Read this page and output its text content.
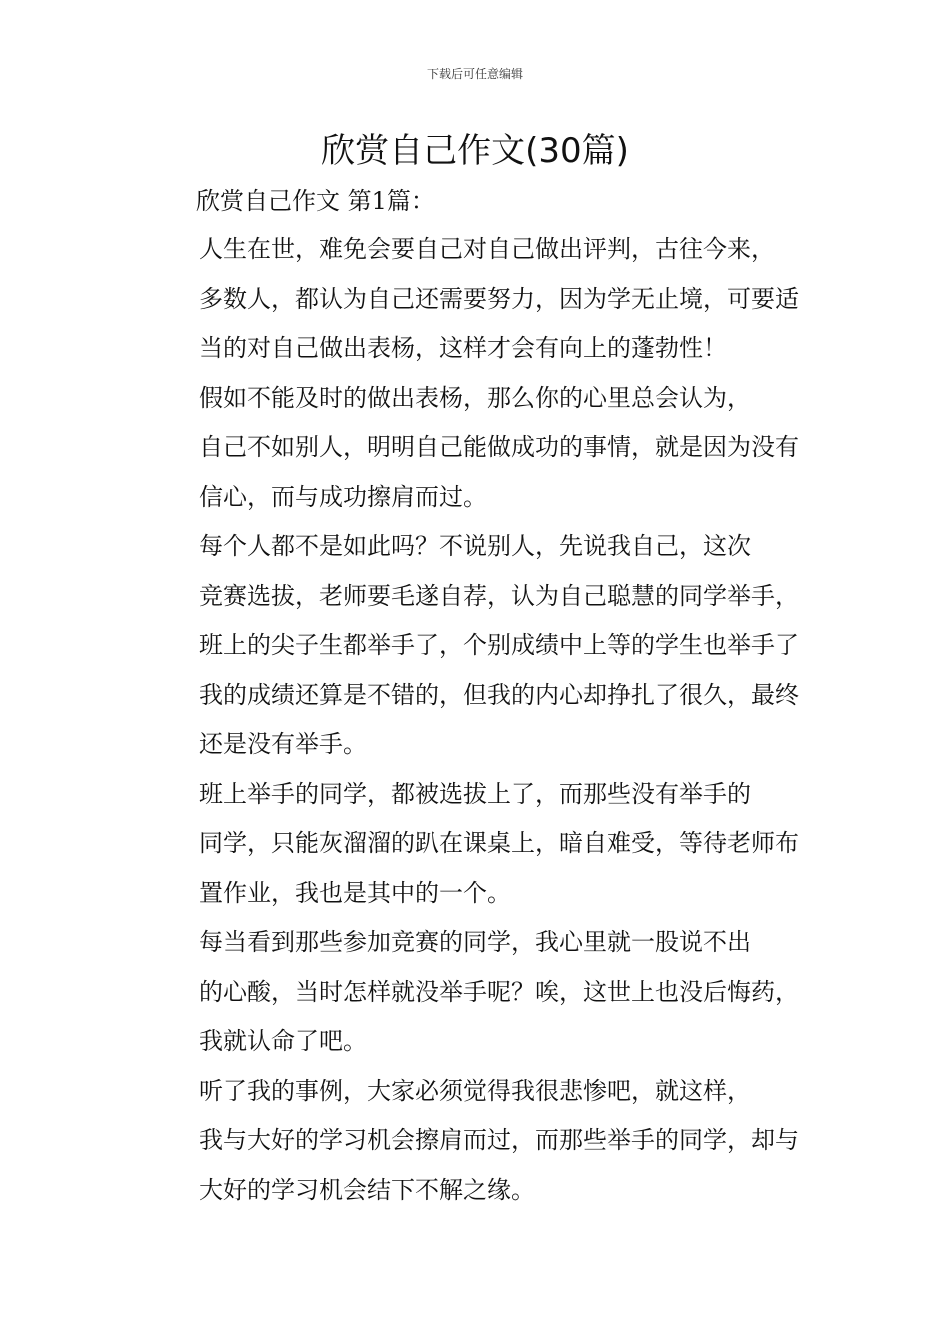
下载后可任意编辑
欣赏自己作文(30篇)
欣赏自己作文 第1篇：

人生在世，难免会要自己对自己做出评判，古往今来，
多数人，都认为自己还需要努力，因为学无止境，可要适
当的对自己做出表杨，这样才会有向上的蓬勃性！

假如不能及时的做出表杨，那么你的心里总会认为，
自己不如别人，明明自己能做成功的事情，就是因为没有
信心，而与成功擦肩而过。

每个人都不是如此吗？不说别人，先说我自己，这次
竞赛选拔，老师要毛遂自荐，认为自己聪慧的同学举手，
班上的尖子生都举手了，个别成绩中上等的学生也举手了
我的成绩还算是不错的，但我的内心却挣扎了很久，最终
还是没有举手。

班上举手的同学，都被选拔上了，而那些没有举手的
同学，只能灰溜溜的趴在课桌上，暗自难受，等待老师布
置作业，我也是其中的一个。

每当看到那些参加竞赛的同学，我心里就一股说不出
的心酸，当时怎样就没举手呢？唉，这世上也没后悔药，
我就认命了吧。

听了我的事例，大家必须觉得我很悲惨吧，就这样，
我与大好的学习机会擦肩而过，而那些举手的同学，却与
大好的学习机会结下不解之缘。
